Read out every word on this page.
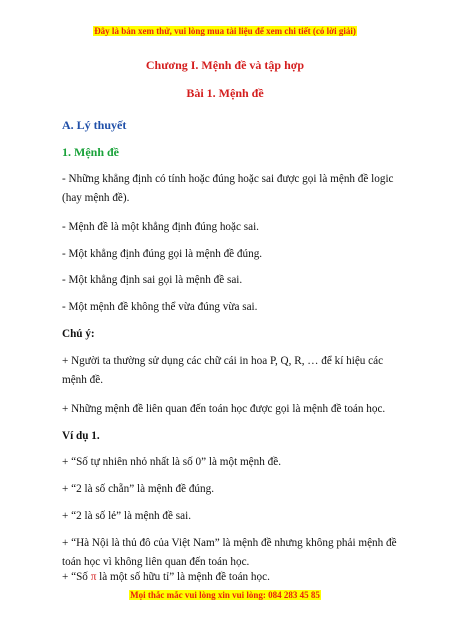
Đây là bản xem thử, vui lòng mua tài liệu để xem chi tiết (có lời giải)
Chương I. Mệnh đề và tập hợp
Bài 1. Mệnh đề
A. Lý thuyết
1. Mệnh đề
- Những khẳng định có tính hoặc đúng hoặc sai được gọi là mệnh đề logic (hay mệnh đề).
- Mệnh đề là một khẳng định đúng hoặc sai.
- Một khẳng định đúng gọi là mệnh đề đúng.
- Một khẳng định sai gọi là mệnh đề sai.
- Một mệnh đề không thể vừa đúng vừa sai.
Chú ý:
+ Người ta thường sử dụng các chữ cái in hoa P, Q, R, … để kí hiệu các mệnh đề.
+ Những mệnh đề liên quan đến toán học được gọi là mệnh đề toán học.
Ví dụ 1.
+ “Số tự nhiên nhỏ nhất là số 0” là một mệnh đề.
+ “2 là số chẵn” là mệnh đề đúng.
+ “2 là số lẻ” là mệnh đề sai.
+ “Hà Nội là thủ đô của Việt Nam” là mệnh đề nhưng không phải mệnh đề toán học vì không liên quan đến toán học.
+ “Số π là một số hữu tỉ” là mệnh đề toán học.
Mọi thắc mắc vui lòng xin vui lòng: 084 283 45 85
